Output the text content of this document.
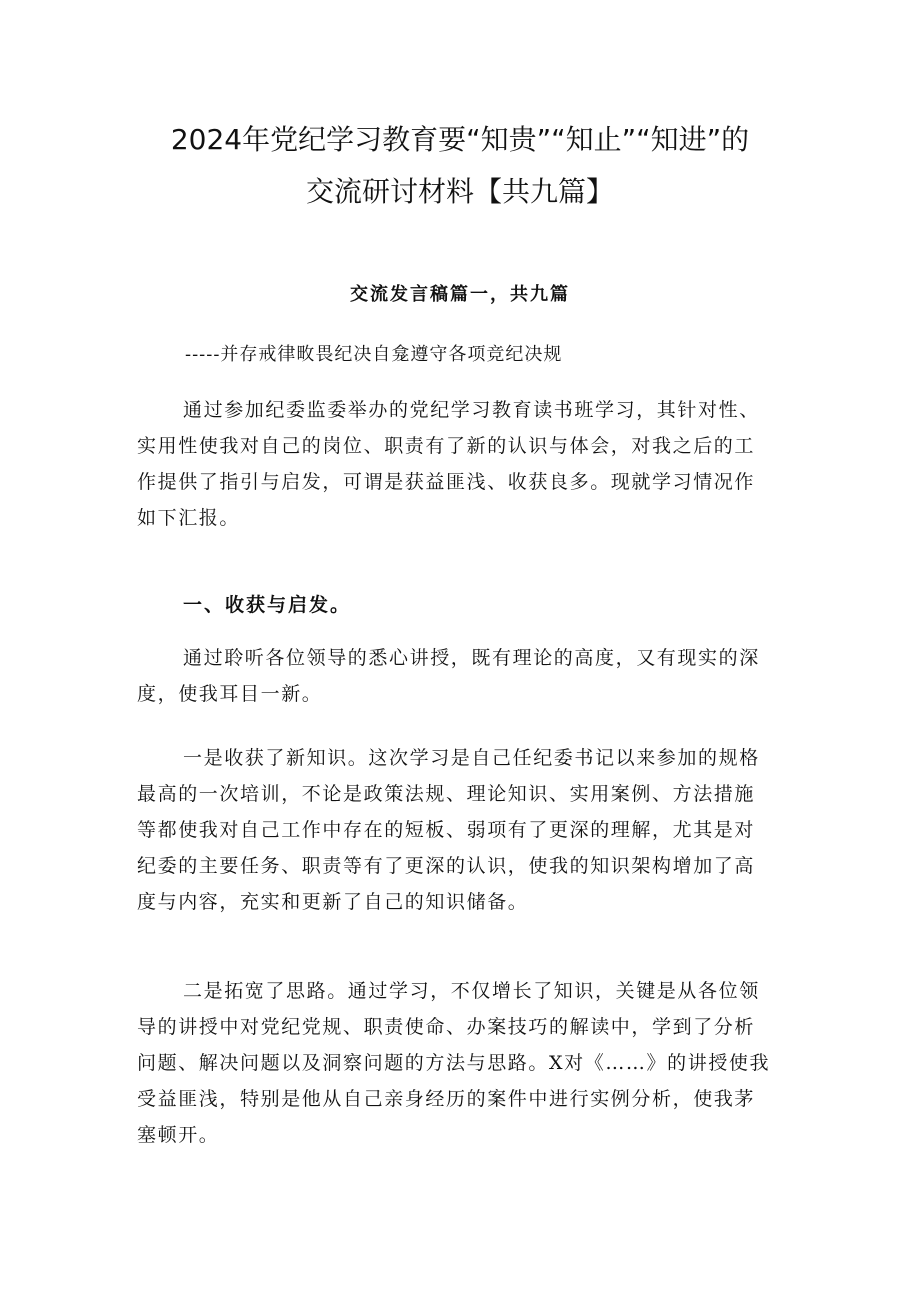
2024年党纪学习教育要“知贵”“知止”“知进”的
交流研讨材料【共九篇】
交流发言稿篇一，共九篇
-----并存戒律畋畏纪决自龛遵守各项竞纪决规
通过参加纪委监委举办的党纪学习教育读书班学习，其针对性、
实用性使我对自己的岗位、职责有了新的认识与体会，对我之后的工
作提供了指引与启发，可谓是获益匪浅、收获良多。现就学习情况作
如下汇报。
一、收获与启发。
通过聆听各位领导的悉心讲授，既有理论的高度，又有现实的深
度，使我耳目一新。
一是收获了新知识。这次学习是自己任纪委书记以来参加的规格
最高的一次培训，不论是政策法规、理论知识、实用案例、方法措施
等都使我对自己工作中存在的短板、弱项有了更深的理解，尤其是对
纪委的主要任务、职责等有了更深的认识，使我的知识架构增加了高
度与内容，充实和更新了自己的知识储备。
二是拓宽了思路。通过学习，不仅增长了知识，关键是从各位领
导的讲授中对党纪党规、职责使命、办案技巧的解读中，学到了分析
问题、解决问题以及洞察问题的方法与思路。X对《……》的讲授使我
受益匪浅，特别是他从自己亲身经历的案件中进行实例分析，使我茅
塞顿开。
